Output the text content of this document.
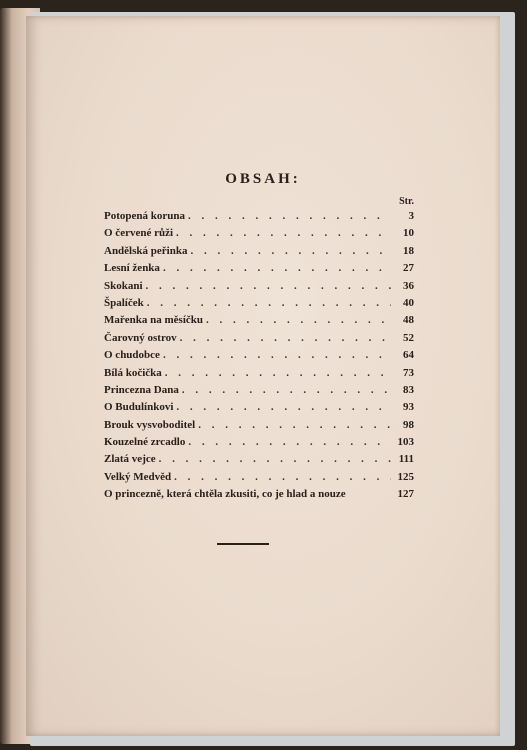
OBSAH:
Str.
Potopená koruna . . .	3
O červené růži . . .	10
Andělská peřinka . . .	18
Lesní ženka . . .	27
Skokani . . .	36
Špalíček . . .	40
Mařenka na měsíčku . . .	48
Čarovný ostrov . . .	52
O chudobce . . .	64
Bílá kočička . . .	73
Princezna Dana . . .	83
O Budulínkovi . . .	93
Brouk vysvoboditel . . .	98
Kouzelné zrcadlo . . .	103
Zlatá vejce . . .	111
Velký Medvěd . . .	125
O princezně, která chtěla zkusiti, co je hlad a nouze	127
